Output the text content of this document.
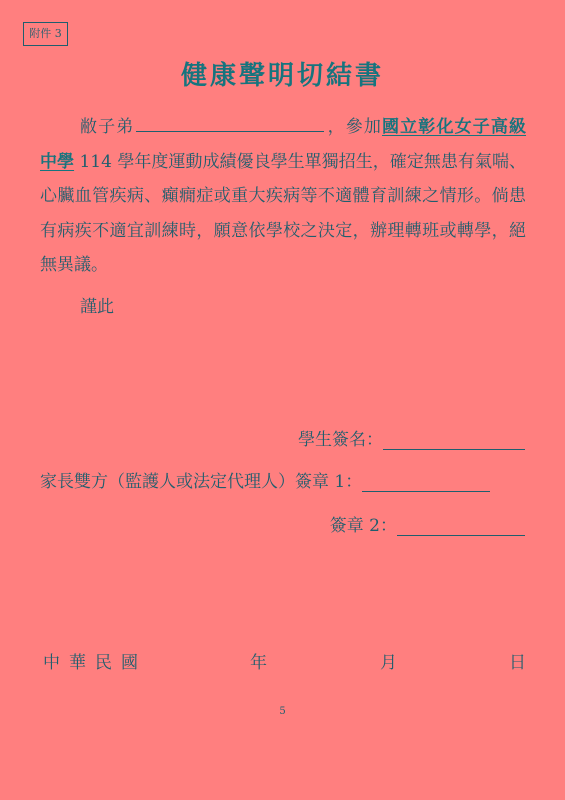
附件 3
健康聲明切結書

敝子弟	，參加國立彰化女子高級中學 114 學年度運動成績優良學生單獨招生，確定無患有氣喘、心臟血管疾病、癲癇症或重大疾病等不適體育訓練之情形。倘患有病疾不適宜訓練時，願意依學校之決定，辦理轉班或轉學，絕無異議。

謹此

學生簽名：
家長雙方（監護人或法定代理人）簽章 1：
簽章 2：
中華民國	年	月	日
5
